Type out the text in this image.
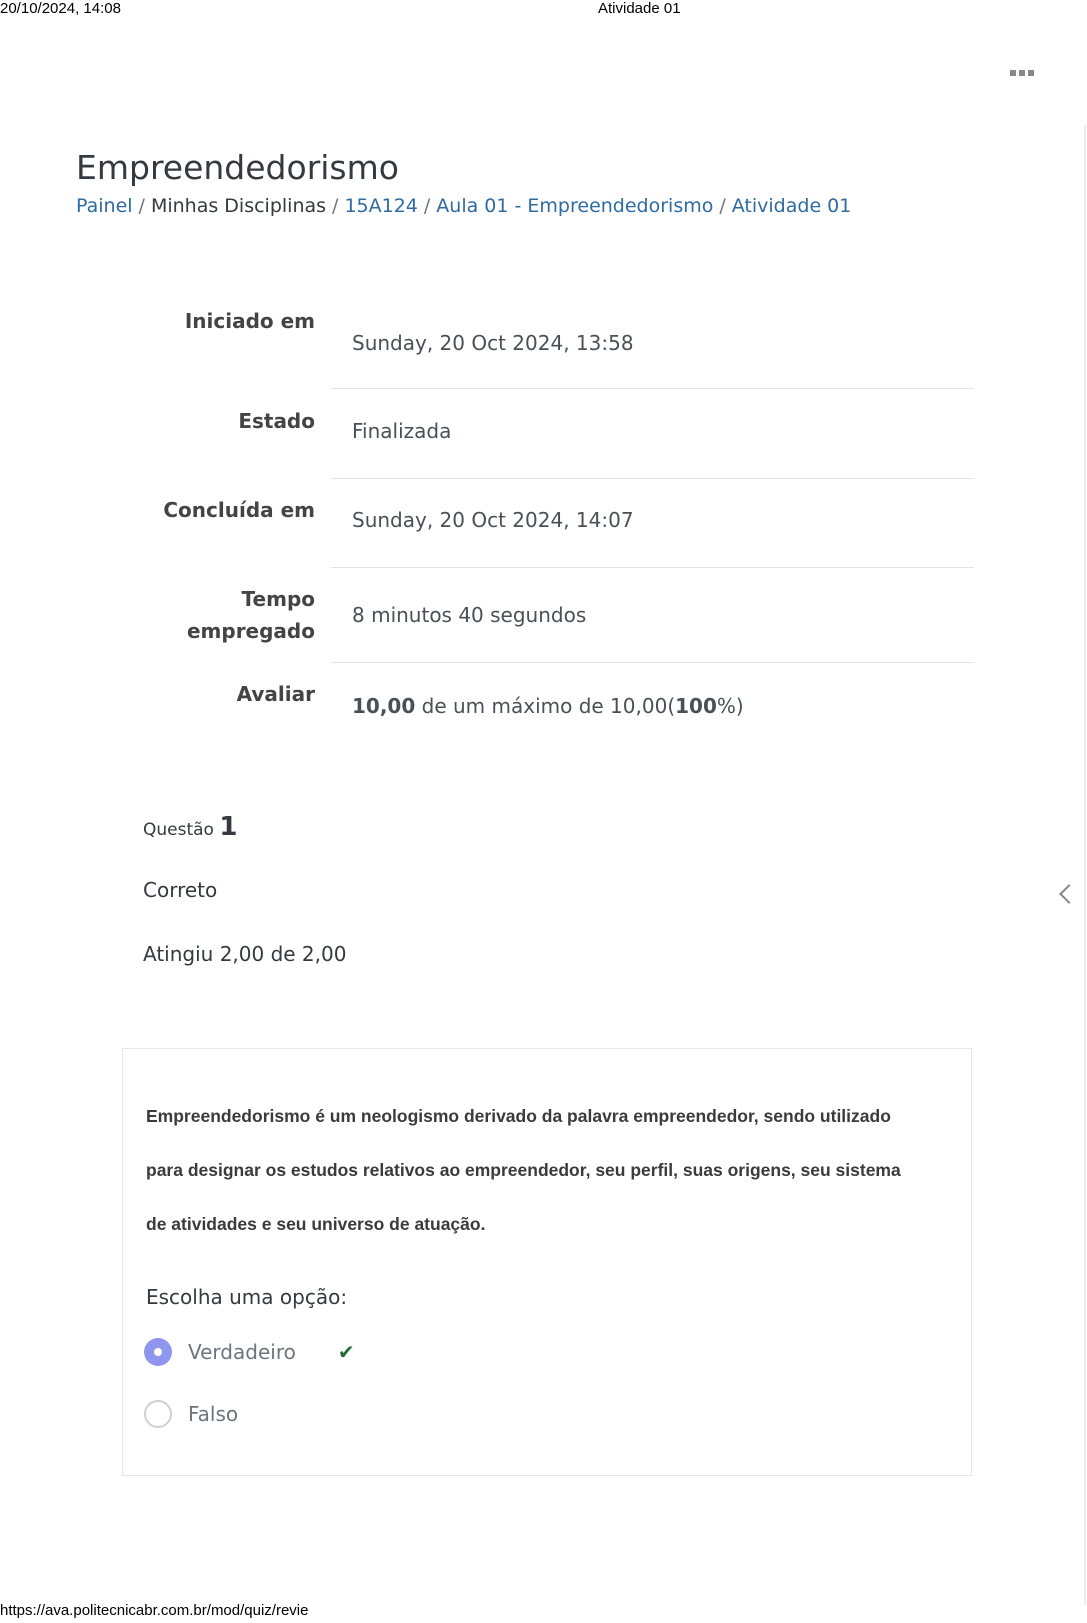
20/10/2024, 14:08	Atividade 01
https://ava.politecnicabr.com.br/mod/quiz/revie
Empreendedorismo
Painel / Minhas Disciplinas / 15A124 / Aula 01 - Empreendedorismo / Atividade 01
Iniciado em
Sunday, 20 Oct 2024, 13:58
Estado Finalizada
Concluída em Sunday, 20 Oct 2024, 14:07
Tempo
empregado
8 minutos 40 segundos
Avaliar 10,00 de um máximo de 10,00(100%)
Questão 1
Correto
Atingiu 2,00 de 2,00

Empreendedorismo é um neologismo derivado da palavra empreendedor, sendo utilizado
para designar os estudos relativos ao empreendedor, seu perfil, suas origens, seu sistema
de atividades e seu universo de atuação.

Escolha uma opção:
Verdadeiro ✔
Falso
